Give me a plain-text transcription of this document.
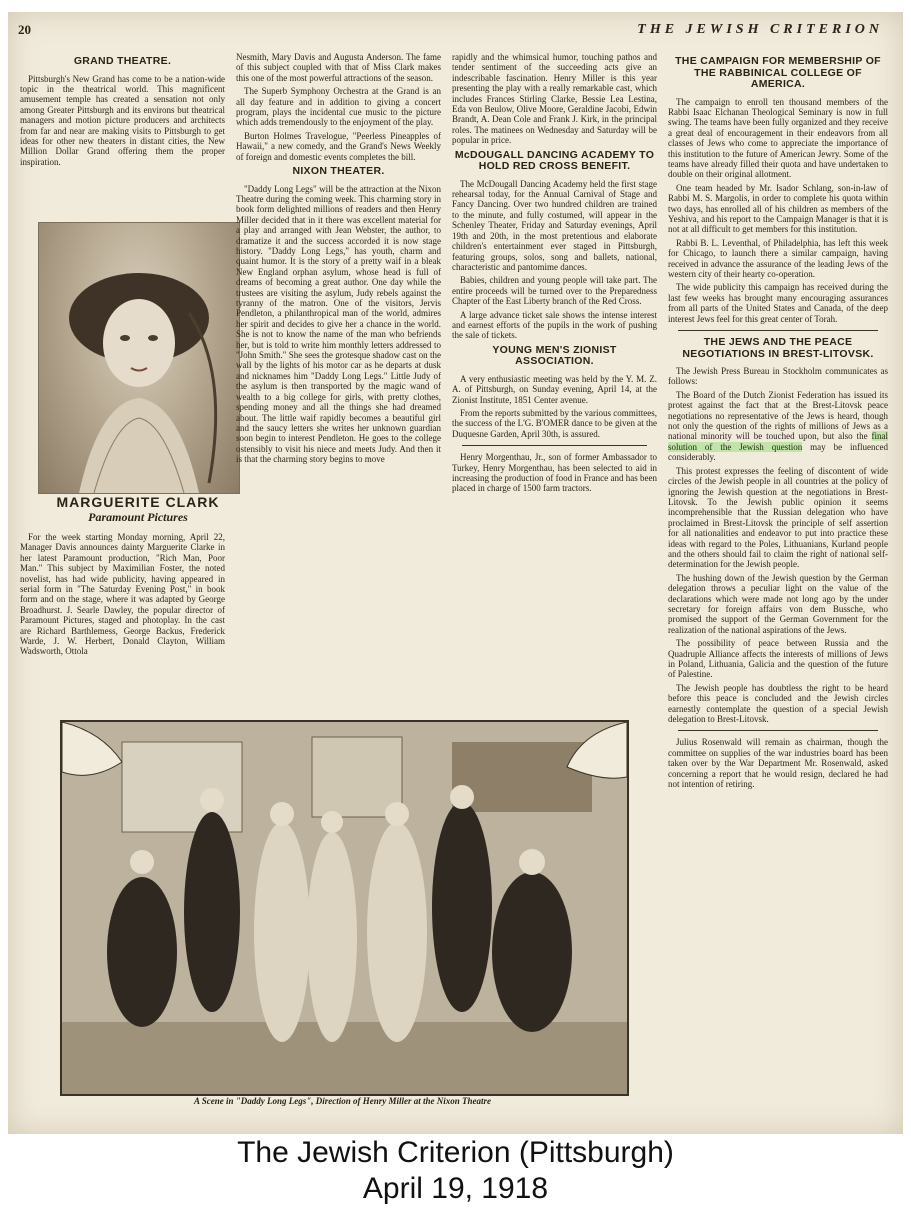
20	THE JEWISH CRITERION
GRAND THEATRE.

Pittsburgh's New Grand has come to be a nation-wide topic in the theatrical world. This magnificent amusement temple has created a sensation not only among Greater Pittsburgh and its environs but theatrical managers and motion picture producers and architects from far and near are making visits to Pittsburgh to get ideas for other new theaters in distant cities, the New Million Dollar Grand offering them the proper inspiration.

MARGUERITE CLARK
Paramount Pictures

For the week starting Monday morning, April 22, Manager Davis announces dainty Marguerite Clarke in her latest Paramount production, "Rich Man, Poor Man." This subject by Maximilian Foster, the noted novelist, has had wide publicity, having appeared in serial form in "The Saturday Evening Post," in book form and on the stage, where it was adapted by George Broadhurst. J. Searle Dawley, the popular director of Paramount Pictures, staged and photoplay. In the cast are Richard Barthlemess, George Backus, Frederick Warde, J. W. Herbert, Donald Clayton, William Wadsworth, Ottola

Nesmith, Mary Davis and Augusta Anderson. The fame of this subject coupled with that of Miss Clark makes this one of the most powerful attractions of the season.

The Superb Symphony Orchestra at the Grand is an all day feature and in addition to giving a concert program, plays the incidental cue music to the picture which adds tremendously to the enjoyment of the play.

Burton Holmes Travelogue, "Peerless Pineapples of Hawaii," a new comedy, and the Grand's News Weekly of foreign and domestic events completes the bill.

NIXON THEATER.

"Daddy Long Legs" will be the attraction at the Nixon Theatre during the coming week. This charming story in book form delighted millions of readers and then Henry Miller decided that in it there was excellent material for a play and arranged with Jean Webster, the author, to dramatize it and the success accorded it is now stage history. "Daddy Long Legs," has youth, charm and quaint humor. It is the story of a pretty waif in a bleak New England orphan asylum, whose head is full of dreams of becoming a great author. One day while the trustees are visiting the asylum, Judy rebels against the tyranny of the matron. One of the visitors, Jervis Pendleton, a philanthropical man of the world, admires her spirit and decides to give her a chance in the world. She is not to know the name of the man who befriends her, but is told to write him monthly letters addressed to "John Smith." She sees the grotesque shadow cast on the wall by the lights of his motor car as he departs at dusk and nicknames him "Daddy Long Legs." Little Judy of the asylum is then transported by the magic wand of wealth to a big college for girls, with pretty clothes, spending money and all the things she had dreamed about. The little waif rapidly becomes a beautiful girl and the saucy letters she writes her unknown guardian soon begin to interest Pendleton. He goes to the college ostensibly to visit his niece and meets Judy. And then it is that the charming story begins to move

rapidly and the whimsical humor, touching pathos and tender sentiment of the succeeding acts give an indescribable fascination. Henry Miller is this year presenting the play with a really remarkable cast, which includes Frances Stirling Clarke, Bessie Lea Lestina, Eda von Beulow, Olive Moore, Geraldine Jacobi, Edwin Brandt, A. Dean Cole and Frank J. Kirk, in the principal roles. The matinees on Wednesday and Saturday will be popular in price.

McDOUGALL DANCING ACADEMY TO HOLD RED CROSS BENEFIT.

The McDougall Dancing Academy held the first stage rehearsal today, for the Annual Carnival of Stage and Fancy Dancing. Over two hundred children are trained to the minute, and fully costumed, will appear in the Schenley Theater, Friday and Saturday evenings, April 19th and 20th, in the most pretentious and elaborate children's entertainment ever staged in Pittsburgh, featuring groups, solos, song and ballets, national, characteristic and pantomime dances.

Babies, children and young people will take part. The entire proceeds will be turned over to the Preparedness Chapter of the East Liberty branch of the Red Cross.

A large advance ticket sale shows the intense interest and earnest efforts of the pupils in the work of pushing the sale of tickets.

YOUNG MEN'S ZIONIST ASSOCIATION.

A very enthusiastic meeting was held by the Y. M. Z. A. of Pittsburgh, on Sunday evening, April 14, at the Zionist Institute, 1851 Center avenue.

From the reports submitted by the various committees, the success of the L'G. B'OMER dance to be given at the Duquesne Garden, April 30th, is assured.

Henry Morgenthau, Jr., son of former Ambassador to Turkey, Henry Morgenthau, has been selected to aid in increasing the production of food in France and has been placed in charge of 1500 farm tractors.

THE CAMPAIGN FOR MEMBERSHIP OF THE RABBINICAL COLLEGE OF AMERICA.

The campaign to enroll ten thousand members of the Rabbi Isaac Elchanan Theological Seminary is now in full swing. The teams have been fully organized and they receive a great deal of encouragement in their endeavors from all classes of Jews who come to appreciate the importance of this institution to the future of American Jewry. Some of the teams have already filled their quota and have undertaken to double on their original allotment.

One team headed by Mr. Isador Schlang, son-in-law of Rabbi M. S. Margolis, in order to complete his quota within two days, has enrolled all of his children as members of the Yeshiva, and his report to the Campaign Manager is that it is not at all difficult to get members for this institution.

Rabbi B. L. Leventhal, of Philadelphia, has left this week for Chicago, to launch there a similar campaign, having received in advance the assurance of the leading Jews of the western city of their hearty co-operation.

The wide publicity this campaign has received during the last few weeks has brought many encouraging assurances from all parts of the United States and Canada, of the deep interest Jews feel for this great center of Torah.

THE JEWS AND THE PEACE NEGOTIATIONS IN BREST-LITOVSK.

The Jewish Press Bureau in Stockholm communicates as follows:

The Board of the Dutch Zionist Federation has issued its protest against the fact that at the Brest-Litovsk peace negotiations no representative of the Jews is heard, though not only the question of the rights of millions of Jews as a national minority will be touched upon, but also the final solution of the Jewish question may be influenced considerably.

This protest expresses the feeling of discontent of wide circles of the Jewish people in all countries at the policy of ignoring the Jewish question at the negotiations in Brest-Litovsk. To the Jewish public opinion it seems incomprehensible that the Russian delegation who have proclaimed in Brest-Litovsk the principle of self assertion for all nationalities and endeavor to put into practice these ideas with regard to the Poles, Lithuanians, Kurland people and the others should fail to claim the right of national self-determination for the Jewish people.

The hushing down of the Jewish question by the German delegation throws a peculiar light on the value of the declarations which were made not long ago by the under secretary for foreign affairs von dem Bussche, who promised the support of the German Government for the realization of the national aspirations of the Jews.

The possibility of peace between Russia and the Quadruple Alliance affects the interests of millions of Jews in Poland, Lithuania, Galicia and the question of the future of Palestine.

The Jewish people has doubtless the right to be heard before this peace is concluded and the Jewish circles earnestly contemplate the question of a special Jewish delegation to Brest-Litovsk.

Julius Rosenwald will remain as chairman, though the committee on supplies of the war industries board has been taken over by the War Department Mr. Rosenwald, asked concerning a report that he would resign, declared he had not intention of retiring.

A Scene in "Daddy Long Legs", Direction of Henry Miller at the Nixon Theatre
The Jewish Criterion (Pittsburgh)
April 19, 1918
